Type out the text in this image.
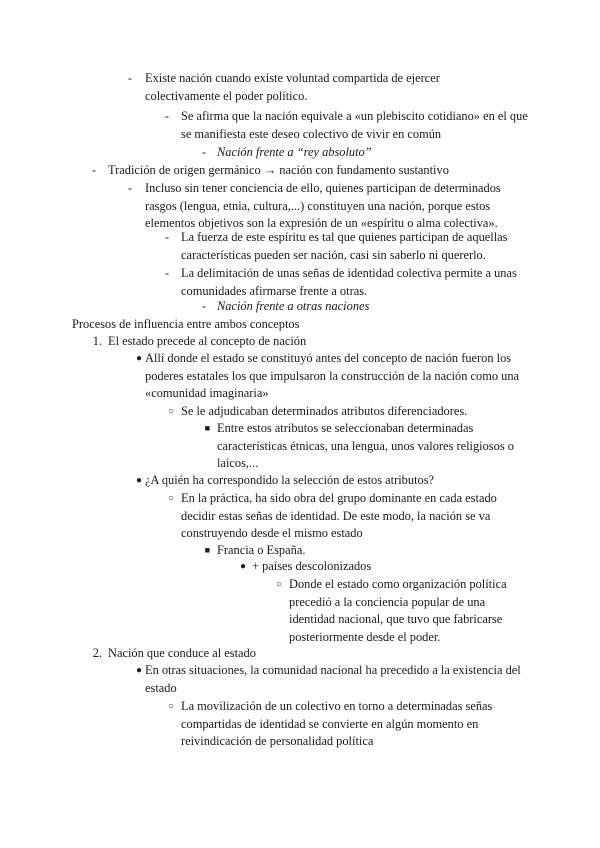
- Existe nación cuando existe voluntad compartida de ejercer colectivamente el poder político.
- Se afirma que la nación equivale a «un plebiscito cotidiano» en el que se manifiesta este deseo colectivo de vivir en común
- Nación frente a “rey absoluto”
- Tradición de origen germánico → nación con fundamento sustantivo
- Incluso sin tener conciencia de ello, quienes participan de determinados rasgos (lengua, etnia, cultura,...) constituyen una nación, porque estos elementos objetivos son la expresión de un «espíritu o alma colectiva».
- La fuerza de este espíritu es tal que quienes participan de aquellas características pueden ser nación, casi sin saberlo ni quererlo.
- La delimitación de unas señas de identidad colectiva permite a unas comunidades afirmarse frente a otras.
- Nación frente a otras naciones
Procesos de influencia entre ambos conceptos
1. El estado precede al concepto de nación
● Allí donde el estado se constituyó antes del concepto de nación fueron los poderes estatales los que impulsaron la construcción de la nación como una «comunidad imaginaria»
○ Se le adjudicaban determinados atributos diferenciadores.
■ Entre estos atributos se seleccionaban determinadas características étnicas, una lengua, unos valores religiosos o laicos,...
● ¿A quién ha correspondido la selección de estos atributos?
○ En la práctica, ha sido obra del grupo dominante en cada estado decidir estas señas de identidad. De este modo, la nación se va construyendo desde el mismo estado
■ Francia o España.
● + países descolonizados
○ Donde el estado como organización política precedió a la conciencia popular de una identidad nacional, que tuvo que fabricarse posteriormente desde el poder.
2. Nación que conduce al estado
● En otras situaciones, la comunidad nacional ha precedido a la existencia del estado
○ La movilización de un colectivo en torno a determinadas señas compartidas de identidad se convierte en algún momento en reivindicación de personalidad política
